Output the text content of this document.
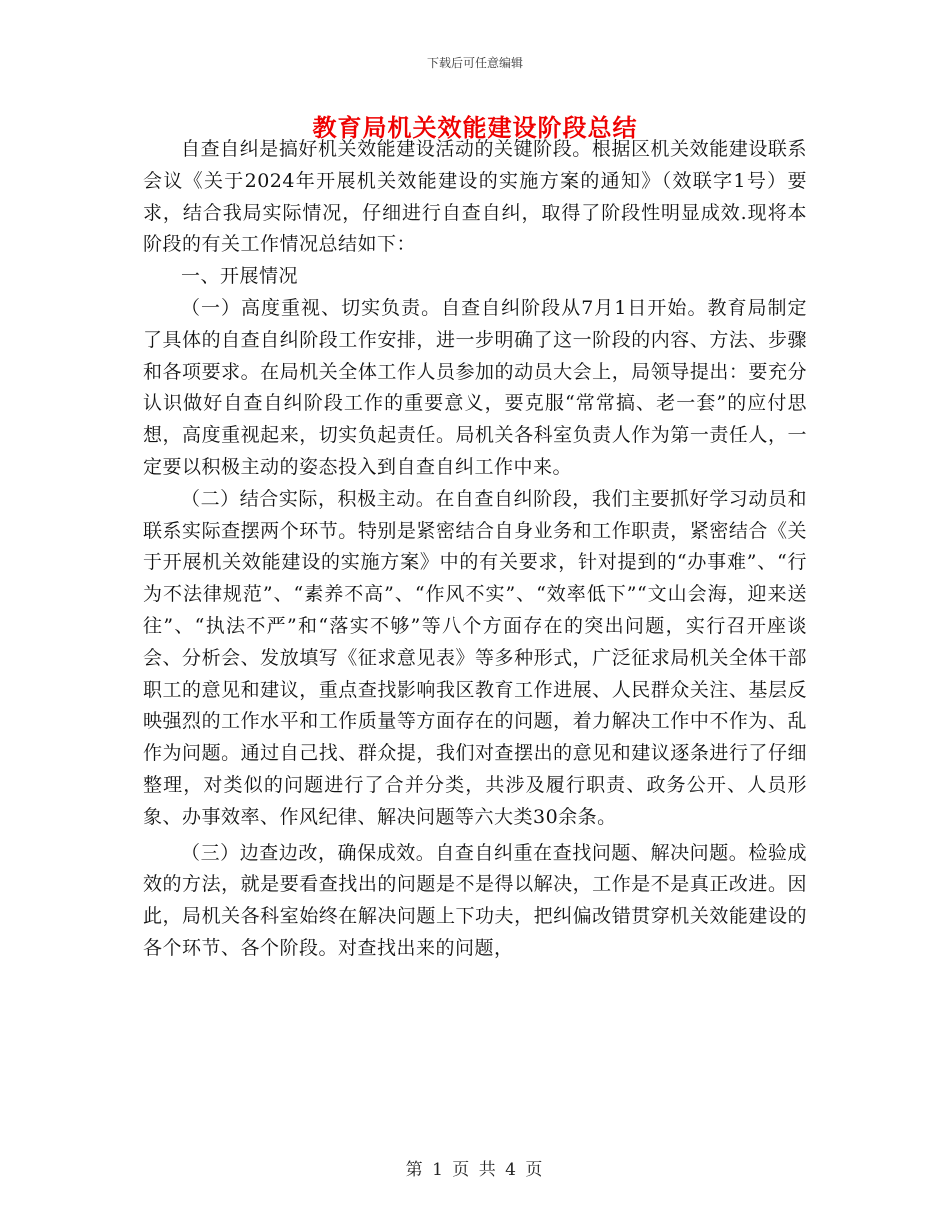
下载后可任意编辑
教育局机关效能建设阶段总结

自查自纠是搞好机关效能建设活动的关键阶段。根据区机关效能建设联系会议《关于2024年开展机关效能建设的实施方案的通知》（效联字1号）要求，结合我局实际情况，仔细进行自查自纠，取得了阶段性明显成效.现将本阶段的有关工作情况总结如下：

一、开展情况

（一）高度重视、切实负责。自查自纠阶段从7月1日开始。教育局制定了具体的自查自纠阶段工作安排，进一步明确了这一阶段的内容、方法、步骤和各项要求。在局机关全体工作人员参加的动员大会上，局领导提出：要充分认识做好自查自纠阶段工作的重要意义，要克服“常常搞、老一套”的应付思想，高度重视起来，切实负起责任。局机关各科室负责人作为第一责任人，一定要以积极主动的姿态投入到自查自纠工作中来。

（二）结合实际，积极主动。在自查自纠阶段，我们主要抓好学习动员和联系实际查摆两个环节。特别是紧密结合自身业务和工作职责，紧密结合《关于开展机关效能建设的实施方案》中的有关要求，针对提到的“办事难”、“行为不法律规范”、“素养不高”、“作风不实”、“效率低下”“文山会海，迎来送往”、“执法不严”和“落实不够”等八个方面存在的突出问题，实行召开座谈会、分析会、发放填写《征求意见表》等多种形式，广泛征求局机关全体干部职工的意见和建议，重点查找影响我区教育工作进展、人民群众关注、基层反映强烈的工作水平和工作质量等方面存在的问题，着力解决工作中不作为、乱作为问题。通过自己找、群众提，我们对查摆出的意见和建议逐条进行了仔细整理，对类似的问题进行了合并分类，共涉及履行职责、政务公开、人员形象、办事效率、作风纪律、解决问题等六大类30余条。

（三）边查边改，确保成效。自查自纠重在查找问题、解决问题。检验成效的方法，就是要看查找出的问题是不是得以解决，工作是不是真正改进。因此，局机关各科室始终在解决问题上下功夫，把纠偏改错贯穿机关效能建设的各个环节、各个阶段。对查找出来的问题，

第 1 页 共 4 页
